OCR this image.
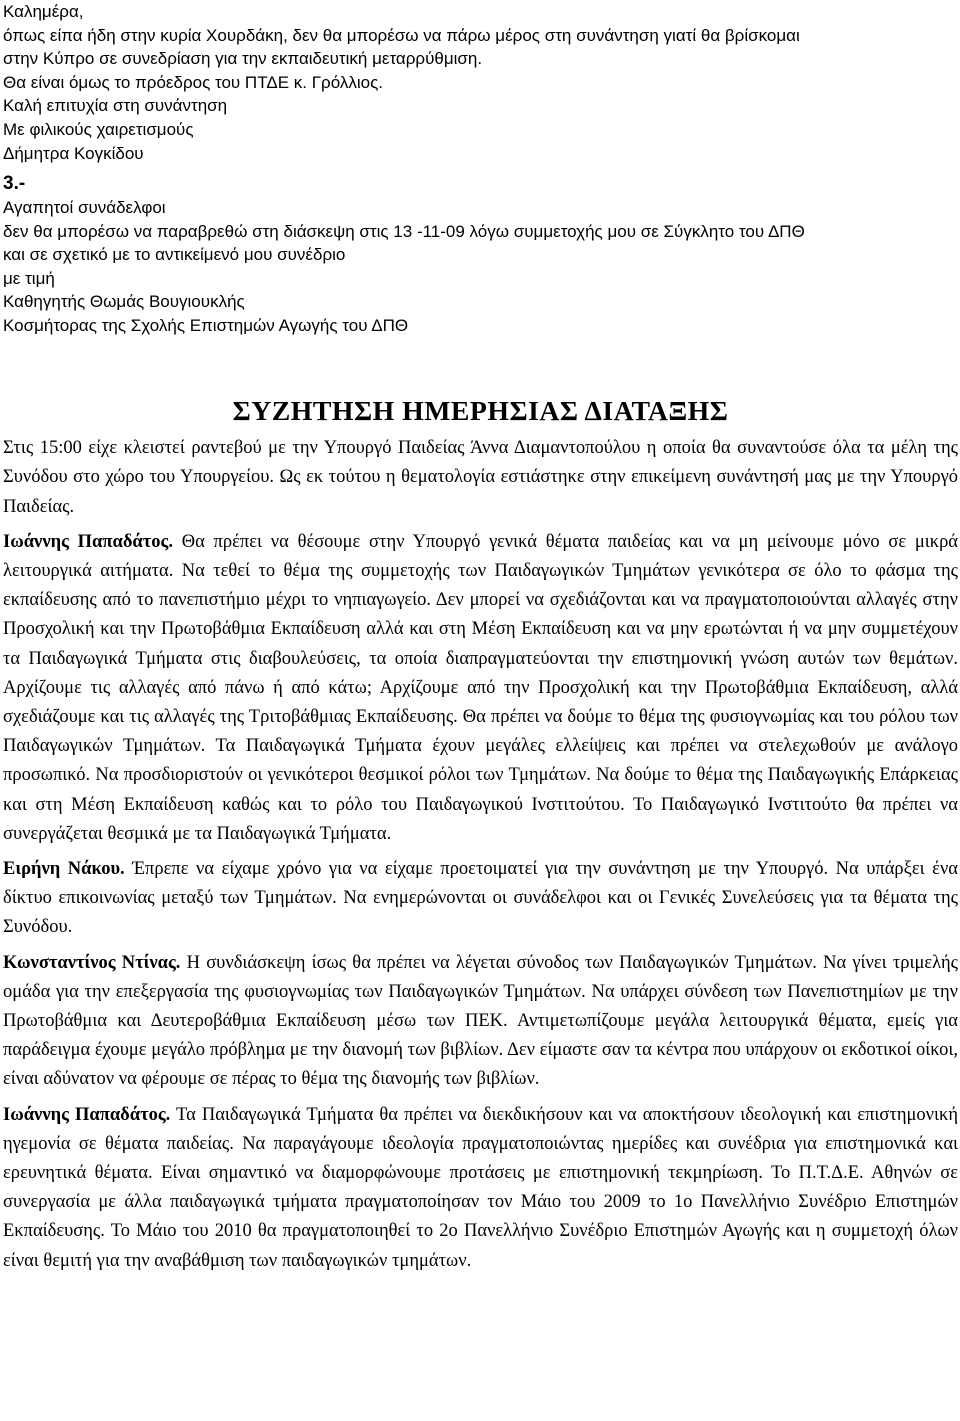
Καλημέρα,

όπως είπα ήδη στην κυρία Χουρδάκη, δεν θα μπορέσω να πάρω μέρος στη συνάντηση γιατί θα βρίσκομαι

στην Κύπρο σε συνεδρίαση για την εκπαιδευτική μεταρρύθμιση.

Θα είναι όμως το πρόεδρος του ΠΤΔΕ κ. Γρόλλιος.

Καλή επιτυχία στη συνάντηση

Με φιλικούς χαιρετισμούς

Δήμητρα Κογκίδου

3.-

Αγαπητοί συνάδελφοι

δεν θα μπορέσω να παραβρεθώ στη διάσκεψη στις 13 -11-09 λόγω συμμετοχής μου σε Σύγκλητο του ΔΠΘ

και σε σχετικό με το αντικείμενό μου συνέδριο

με τιμή

Καθηγητής Θωμάς Βουγιουκλής

Κοσμήτορας της Σχολής Επιστημών Αγωγής του ΔΠΘ

ΣΥΖΗΤΗΣΗ ΗΜΕΡΗΣΙΑΣ ΔΙΑΤΑΞΗΣ

Στις 15:00 είχε κλειστεί ραντεβού με την Υπουργό Παιδείας Άννα Διαμαντοπούλου η οποία θα συναντούσε όλα τα μέλη της Συνόδου στο χώρο του Υπουργείου. Ως εκ τούτου η θεματολογία εστιάστηκε στην επικείμενη συνάντησή μας με την Υπουργό Παιδείας.

Ιωάννης Παπαδάτος. Θα πρέπει να θέσουμε στην Υπουργό γενικά θέματα παιδείας και να μη μείνουμε μόνο σε μικρά λειτουργικά αιτήματα. Να τεθεί το θέμα της συμμετοχής των Παιδαγωγικών Τμημάτων γενικότερα σε όλο το φάσμα της εκπαίδευσης από το πανεπιστήμιο μέχρι το νηπιαγωγείο. Δεν μπορεί να σχεδιάζονται και να πραγματοποιούνται αλλαγές στην Προσχολική και την Πρωτοβάθμια Εκπαίδευση αλλά και στη Μέση Εκπαίδευση και να μην ερωτώνται ή να μην συμμετέχουν τα Παιδαγωγικά Τμήματα στις διαβουλεύσεις, τα οποία διαπραγματεύονται την επιστημονική γνώση αυτών των θεμάτων. Αρχίζουμε τις αλλαγές από πάνω ή από κάτω; Αρχίζουμε από την Προσχολική και την Πρωτοβάθμια Εκπαίδευση, αλλά σχεδιάζουμε και τις αλλαγές της Τριτοβάθμιας Εκπαίδευσης. Θα πρέπει να δούμε το θέμα της φυσιογνωμίας και του ρόλου των Παιδαγωγικών Τμημάτων. Τα Παιδαγωγικά Τμήματα έχουν μεγάλες ελλείψεις και πρέπει να στελεχωθούν με ανάλογο προσωπικό. Να προσδιοριστούν οι γενικότεροι θεσμικοί ρόλοι των Τμημάτων. Να δούμε το θέμα της Παιδαγωγικής Επάρκειας και στη Μέση Εκπαίδευση καθώς και το ρόλο του Παιδαγωγικού Ινστιτούτου. Το Παιδαγωγικό Ινστιτούτο θα πρέπει να συνεργάζεται θεσμικά με τα Παιδαγωγικά Τμήματα.

Ειρήνη Νάκου. Έπρεπε να είχαμε χρόνο για να είχαμε προετοιματεί για την συνάντηση με την Υπουργό. Να υπάρξει ένα δίκτυο επικοινωνίας μεταξύ των Τμημάτων. Να ενημερώνονται οι συνάδελφοι και οι Γενικές Συνελεύσεις για τα θέματα της Συνόδου.

Κωνσταντίνος Ντίνας. Η συνδιάσκεψη ίσως θα πρέπει να λέγεται σύνοδος των Παιδαγωγικών Τμημάτων. Να γίνει τριμελής ομάδα για την επεξεργασία της φυσιογνωμίας των Παιδαγωγικών Τμημάτων. Να υπάρχει σύνδεση των Πανεπιστημίων με την Πρωτοβάθμια και Δευτεροβάθμια Εκπαίδευση μέσω των ΠΕΚ. Αντιμετωπίζουμε μεγάλα λειτουργικά θέματα, εμείς για παράδειγμα έχουμε μεγάλο πρόβλημα με την διανομή των βιβλίων. Δεν είμαστε σαν τα κέντρα που υπάρχουν οι εκδοτικοί οίκοι, είναι αδύνατον να φέρουμε σε πέρας το θέμα της διανομής των βιβλίων.

Ιωάννης Παπαδάτος. Τα Παιδαγωγικά Τμήματα θα πρέπει να διεκδικήσουν και να αποκτήσουν ιδεολογική και επιστημονική ηγεμονία σε θέματα παιδείας. Να παραγάγουμε ιδεολογία πραγματοποιώντας ημερίδες και συνέδρια για επιστημονικά και ερευνητικά θέματα. Είναι σημαντικό να διαμορφώνουμε προτάσεις με επιστημονική τεκμηρίωση. Το Π.Τ.Δ.Ε. Αθηνών σε συνεργασία με άλλα παιδαγωγικά τμήματα πραγματοποίησαν τον Μάιο του 2009 το 1ο Πανελλήνιο Συνέδριο Επιστημών Εκπαίδευσης. Το Μάιο του 2010 θα πραγματοποιηθεί το 2ο Πανελλήνιο Συνέδριο Επιστημών Αγωγής και η συμμετοχή όλων είναι θεμιτή για την αναβάθμιση των παιδαγωγικών τμημάτων.
